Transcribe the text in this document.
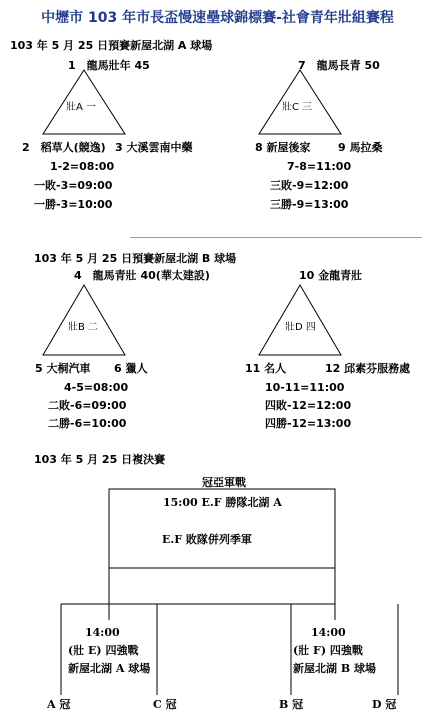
中壢市 103 年市長盃慢速壘球錦標賽-社會青年壯組賽程
103 年 5 月 25 日預賽新屋北湖 A 球場
1　龍馬壯年 45
壯A 一
2　稻草人(競逸) 3 大溪雲南中藥
1-2=08:00
一敗-3=09:00
一勝-3=10:00
7　龍馬長青 50
壯C 三
8 新屋後家	9 馬拉桑
7-8=11:00
三敗-9=12:00
三勝-9=13:00
103 年 5 月 25 日預賽新屋北湖 B 球場
4　龍馬青壯 40(華太建設)
壯B 二
5 大桐汽車 6 獵人
4-5=08:00
二敗-6=09:00
二勝-6=10:00
10 金龍青壯
壯D 四
11 名人	12 邱素芬服務處
10-11=11:00
四敗-12=12:00
四勝-12=13:00
103 年 5 月 25 日複決賽
冠亞軍戰
15:00 E.F 勝隊北湖 A
E.F 敗隊併列季軍
14:00
(壯 E) 四強戰
新屋北湖 A 球場
14:00
(壯 F) 四強戰
新屋北湖 B 球場
A 冠	C 冠	B 冠	D 冠
